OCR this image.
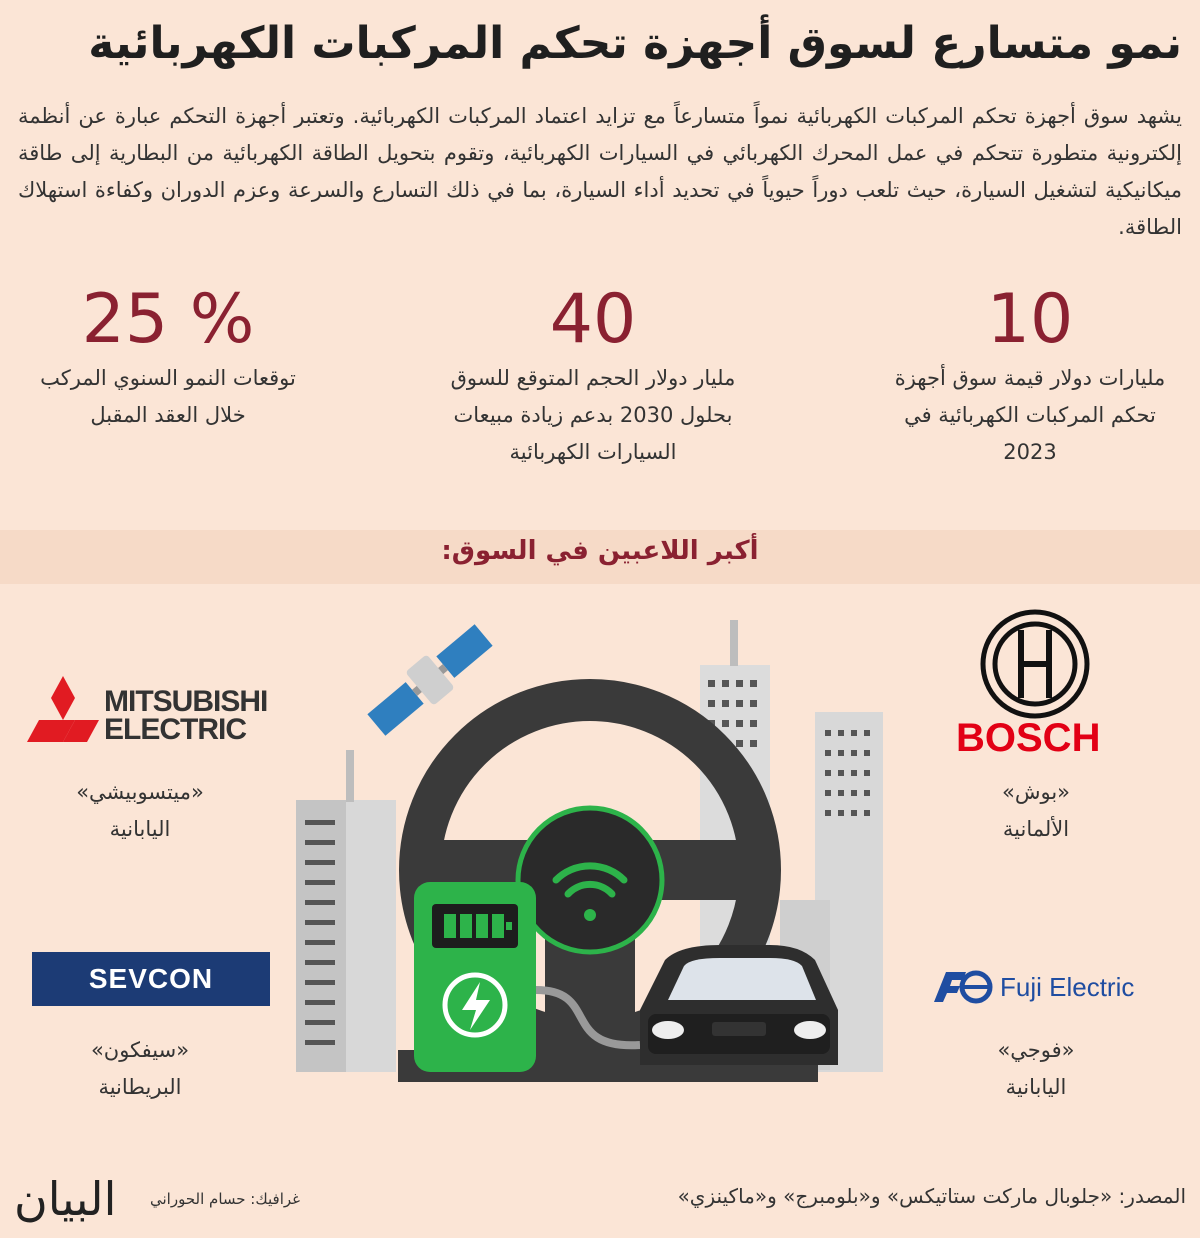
نمو متسارع لسوق أجهزة تحكم المركبات الكهربائية
يشهد سوق أجهزة تحكم المركبات الكهربائية نمواً متسارعاً مع تزايد اعتماد المركبات الكهربائية. وتعتبر أجهزة التحكم عبارة عن أنظمة إلكترونية متطورة تتحكم في عمل المحرك الكهربائي في السيارات الكهربائية، وتقوم بتحويل الطاقة الكهربائية من البطارية إلى طاقة ميكانيكية لتشغيل السيارة، حيث تلعب دوراً حيوياً في تحديد أداء السيارة، بما في ذلك التسارع والسرعة وعزم الدوران وكفاءة استهلاك الطاقة.
10
مليارات دولار قيمة سوق أجهزة تحكم المركبات الكهربائية في 2023
40
مليار دولار الحجم المتوقع للسوق بحلول 2030 بدعم زيادة مبيعات السيارات الكهربائية
% 25
توقعات النمو السنوي المركب خلال العقد المقبل
أكبر اللاعبين في السوق:
BOSCH
«بوش»
الألمانية
MITSUBISHI
ELECTRIC
«ميتسوبيشي»
اليابانية
Fuji Electric
«فوجي»
اليابانية
SEVCON
«سيفكون»
البريطانية
المصدر: «جلوبال ماركت ستاتيكس» و«بلومبرج» و«ماكينزي»
غرافيك: حسام الحوراني
البيان
